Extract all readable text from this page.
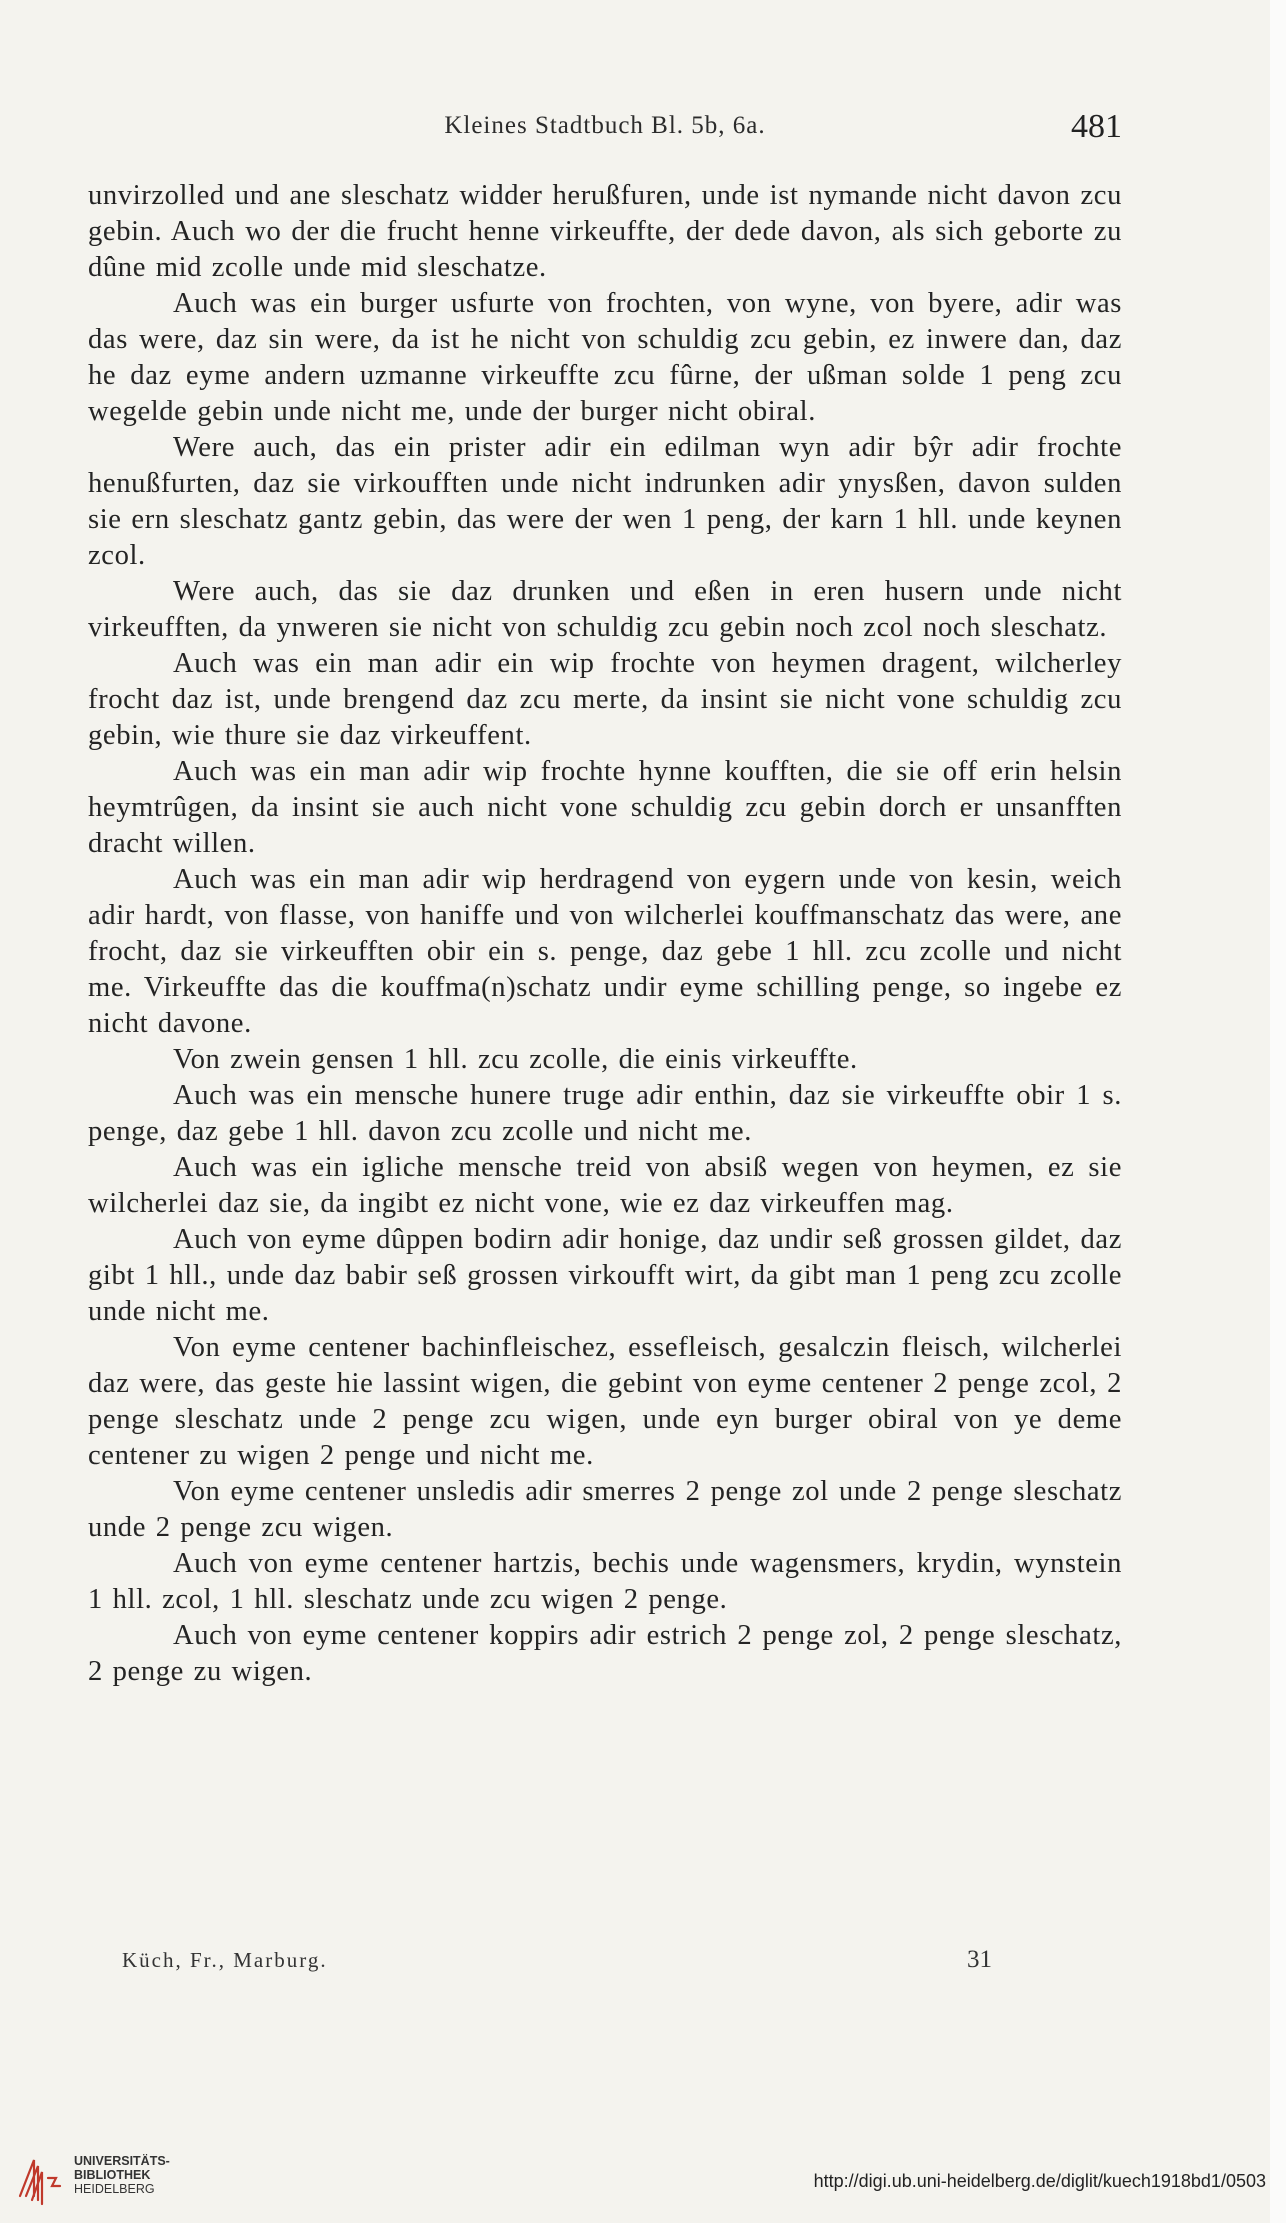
Kleines Stadtbuch Bl. 5b, 6a.	481

unvirzolled und ane sleschatz widder herußfuren, unde ist nymande nicht davon zcu gebin. Auch wo der die frucht henne virkeuffte, der dede davon, als sich geborte zu dûne mid zcolle unde mid sleschatze.

Auch was ein burger usfurte von frochten, von wyne, von byere, adir was das were, daz sin were, da ist he nicht von schuldig zcu gebin, ez inwere dan, daz he daz eyme andern uzmanne virkeuffte zcu fûrne, der ußman solde 1 peng zcu wegelde gebin unde nicht me, unde der burger nicht obiral.

Were auch, das ein prister adir ein edilman wyn adir bŷr adir frochte henußfurten, daz sie virkoufften unde nicht indrunken adir ynysßen, davon sulden sie ern sleschatz gantz gebin, das were der wen 1 peng, der karn 1 hll. unde keynen zcol.

Were auch, das sie daz drunken und eßen in eren husern unde nicht virkeufften, da ynweren sie nicht von schuldig zcu gebin noch zcol noch sleschatz.

Auch was ein man adir ein wip frochte von heymen dragent, wilcherley frocht daz ist, unde brengend daz zcu merte, da insint sie nicht vone schuldig zcu gebin, wie thure sie daz virkeuffent.

Auch was ein man adir wip frochte hynne koufften, die sie off erin helsin heymtrûgen, da insint sie auch nicht vone schuldig zcu gebin dorch er unsanfften dracht willen.

Auch was ein man adir wip herdragend von eygern unde von kesin, weich adir hardt, von flasse, von haniffe und von wilcherlei kouffmanschatz das were, ane frocht, daz sie virkeufften obir ein s. penge, daz gebe 1 hll. zcu zcolle und nicht me. Virkeuffte das die kouffma(n)schatz undir eyme schilling penge, so ingebe ez nicht davone.

Von zwein gensen 1 hll. zcu zcolle, die einis virkeuffte.

Auch was ein mensche hunere truge adir enthin, daz sie virkeuffte obir 1 s. penge, daz gebe 1 hll. davon zcu zcolle und nicht me.

Auch was ein igliche mensche treid von absiß wegen von heymen, ez sie wilcherlei daz sie, da ingibt ez nicht vone, wie ez daz virkeuffen mag.

Auch von eyme dûppen bodirn adir honige, daz undir seß grossen gildet, daz gibt 1 hll., unde daz babir seß grossen virkoufft wirt, da gibt man 1 peng zcu zcolle unde nicht me.

Von eyme centener bachinfleischez, essefleisch, gesalczin fleisch, wilcherlei daz were, das geste hie lassint wigen, die gebint von eyme centener 2 penge zcol, 2 penge sleschatz unde 2 penge zcu wigen, unde eyn burger obiral von ye deme centener zu wigen 2 penge und nicht me.

Von eyme centener unsledis adir smerres 2 penge zol unde 2 penge sleschatz unde 2 penge zcu wigen.

Auch von eyme centener hartzis, bechis unde wagensmers, krydin, wynstein 1 hll. zcol, 1 hll. sleschatz unde zcu wigen 2 penge.

Auch von eyme centener koppirs adir estrich 2 penge zol, 2 penge sleschatz, 2 penge zu wigen.

Küch, Fr., Marburg.	31
UNIVERSITÄTS-
BIBLIOTHEK
HEIDELBERG	http://digi.ub.uni-heidelberg.de/diglit/kuech1918bd1/0503
